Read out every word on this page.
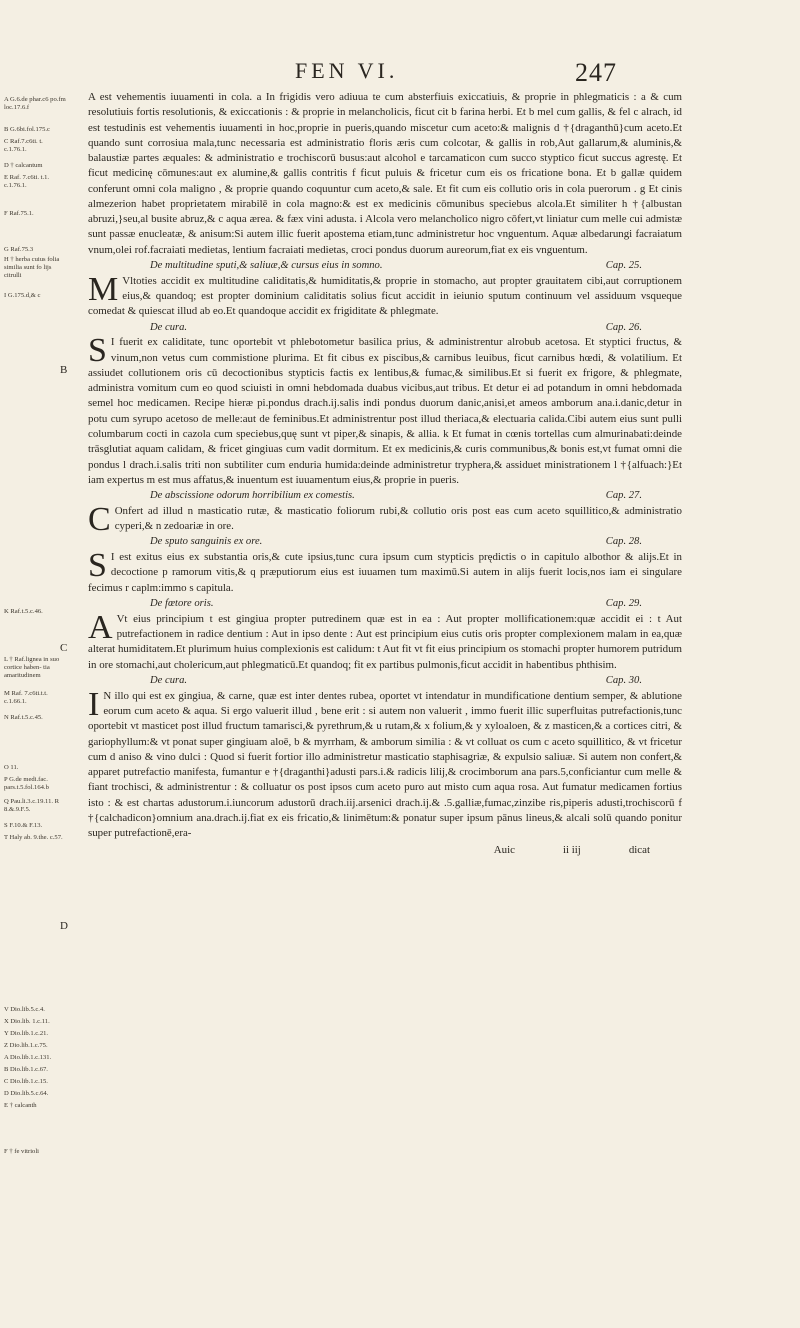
FEN VI.	247
A G.6.de phar.c6 po.fm loc.17.6.f
B G.6bi.fol.175.c
C Raf.7.c6ti. t. c.1.76.1.
D † calcantum
E Raf. 7.c6ti. t.1. c.1.76.1.
F Raf.75.1.
G Raf.75.3
H † herba cuius folia similia sunt fo lijs citrulli
I G.175.d,& c
K Raf.t.5.c.46.
L † Raf.lignea in suo cortice haben- tia amaritudinem
M Raf. 7.c6ti.t.t. c.1.66.1.
N Raf.t.5.c.45.
O 11.
P G.de medi.fac. pars.t.5.fol.164.b
Q Pau.li.3.c.19.11. R 8.&.9.F.5.
S F.10.& F.13.
T Haly ab. 9.the. c.57.
V Dio.lib.5.c.4.
X Dio.lib. 1.c.11.
Y Dio.lib.1.c.21.
Z Dio.lib.1.c.75.
A Dio.lib.1.c.131.
B Dio.lib.1.c.67.
C Dio.lib.1.c.15.
D Dio.lib.5.c.64.
E † calcanth
F † fe vitrioli
B
C
D

A est vehementis iuuamenti in cola. a In frigidis vero adiuua te cum absterfiuis exiccatiuis, & proprie in phlegmaticis : a & cum resolutiuis fortis resolutionis, & exiccationis : & proprie in melancholicis, ficut cit b farina herbi. Et b mel cum gallis, & fel c alrach, id est testudinis est vehementis iuuamenti in hoc,proprie in pueris,quando miscetur cum aceto:& malignis d †{draganthū}cum aceto.Et quando sunt corrosiua mala,tunc necessaria est administratio floris æris cum colcotar, & gallis in rob,Aut gallarum,& aluminis,& balaustiæ partes æquales: & administratio e trochiscorū busus:aut alcohol e tarcamaticon cum succo styptico ficut succus agrestę. Et ficut medicinę cōmunes:aut ex alumine,& gallis contritis f ficut puluis & fricetur cum eis os fricatione bona. Et b gallæ quidem conferunt omni cola maligno , & proprie quando coquuntur cum aceto,& sale. Et fit cum eis collutio oris in cola puerorum . g Et cinis almezerion habet proprietatem mirabilē in cola magno:& est ex medicinis cōmunibus speciebus alcola.Et similiter h †{albustan abruzi,}seu,al busite abruz,& c aqua ærea. & fæx vini adusta. i Alcola vero melancholico nigro cōfert,vt liniatur cum melle cui admistæ sunt passæ enucleatæ, & anisum:Si autem illic fuerit apostema etiam,tunc administretur hoc vnguentum. Aquæ albedarungi facraiatum vnum,olei rof.facraiati medietas, lentium facraiati medietas, croci pondus duorum aureorum,fiat ex eis vnguentum.

De multitudine sputi,& saliuæ,& cursus eius in somno.	Cap. 25.

M Vltoties accidit ex multitudine caliditatis,& humiditatis,& proprie in stomacho, aut propter grauitatem cibi,aut corruptionem eius,& quandoq; est propter dominium caliditatis solius ficut accidit in ieiunio sputum continuum vel assiduum vsqueque comedat & quiescat illud ab eo.Et quandoque accidit ex frigiditate & phlegmate.

De cura.	Cap. 26.

S I fuerit ex caliditate, tunc oportebit vt phlebotometur basilica prius, & administrentur alrobub acetosa. Et styptici fructus, & vinum,non vetus cum commistione plurima. Et fit cibus ex piscibus,& carnibus leuibus, ficut carnibus hœdi, & volatilium. Et assiudet collutionem oris cū decoctionibus stypticis factis ex lentibus,& fumac,& similibus.Et si fuerit ex frigore, & phlegmate, administra vomitum cum eo quod sciuisti in omni hebdomada duabus vicibus,aut tribus. Et detur ei ad potandum in omni hebdomada semel hoc medicamen. Recipe hieræ pi.pondus drach.ij.salis indi pondus duorum danic,anisi,et ameos amborum ana.i.danic,detur in potu cum syrupo acetoso de melle:aut de feminibus.Et administrentur post illud theriaca,& electuaria calida.Cibi autem eius sunt pulli columbarum cocti in cazola cum speciebus,quę sunt vt piper,& sinapis, & allia. k Et fumat in cœnis tortellas cum almurinabati:deinde trāsglutiat aquam calidam, & fricet gingiuas cum vadit dormitum. Et ex medicinis,& curis communibus,& bonis est,vt fumat omni die pondus l drach.i.salis triti non subtiliter cum enduria humida:deinde administretur tryphera,& assiduet ministrationem l †{alfuach:}Et iam expertus m est mus affatus,& inuentum est iuuamentum eius,& proprie in pueris.

De abscissione odorum horribilium ex comestis.	Cap. 27.

C Onfert ad illud n masticatio rutæ, & masticatio foliorum rubi,& collutio oris post eas cum aceto squillitico,& administratio cyperi,& n zedoariæ in ore.

De sputo sanguinis ex ore.	Cap. 28.

S I est exitus eius ex substantia oris,& cute ipsius,tunc cura ipsum cum stypticis prędictis o in capitulo albothor & alijs.Et in decoctione p ramorum vitis,& q præputiorum eius est iuuamen tum maximū.Si autem in alijs fuerit locis,nos iam ei singulare fecimus r caplm:immo s capitula.

De fœtore oris.	Cap. 29.

A Vt eius principium t est gingiua propter putredinem quæ est in ea : Aut propter mollificationem:quæ accidit ei : t Aut putrefactionem in radice dentium : Aut in ipso dente : Aut est principium eius cutis oris propter complexionem malam in ea,quæ alterat humiditatem.Et plurimum huius complexionis est calidum: t Aut fit vt fit eius principium os stomachi propter humorem putridum in ore stomachi,aut cholericum,aut phlegmaticū.Et quandoq; fit ex partibus pulmonis,ficut accidit in habentibus phthisim.

De cura.	Cap. 30.

I N illo qui est ex gingiua, & carne, quæ est inter dentes rubea, oportet vt intendatur in mundificatione dentium semper, & ablutione eorum cum aceto & aqua. Si ergo valuerit illud , bene erit : si autem non valuerit , immo fuerit illic superfluitas putrefactionis,tunc oportebit vt masticet post illud fructum tamarisci,& pyrethrum,& u rutam,& x folium,& y xyloaloen, & z masticen,& a cortices citri, & gariophyllum:& vt ponat super gingiuam aloē, b & myrrham, & amborum similia : & vt colluat os cum c aceto squillitico, & vt fricetur cum d aniso & vino dulci : Quod si fuerit fortior illo administretur masticatio staphisagriæ, & expulsio saliuæ. Si autem non confert,& apparet putrefactio manifesta, fumantur e †{draganthi}adusti pars.i.& radicis lilij,& crocimborum ana pars.5,conficiantur cum melle & fiant trochisci, & administrentur : & colluatur os post ipsos cum aceto puro aut misto cum aqua rosa. Aut fumatur medicamen fortius isto : & est chartas adustorum.i.iuncorum adustorū drach.iij.arsenici drach.ij.& .5.galliæ,fumac,zinzibe ris,piperis adusti,trochiscorū f †{calchadicon}omnium ana.drach.ij.fiat ex eis fricatio,& linimētum:& ponatur super ipsum pānus lineus,& alcali solū quando ponitur super putrefactionē,era-

Auic	ii iij	dicat
